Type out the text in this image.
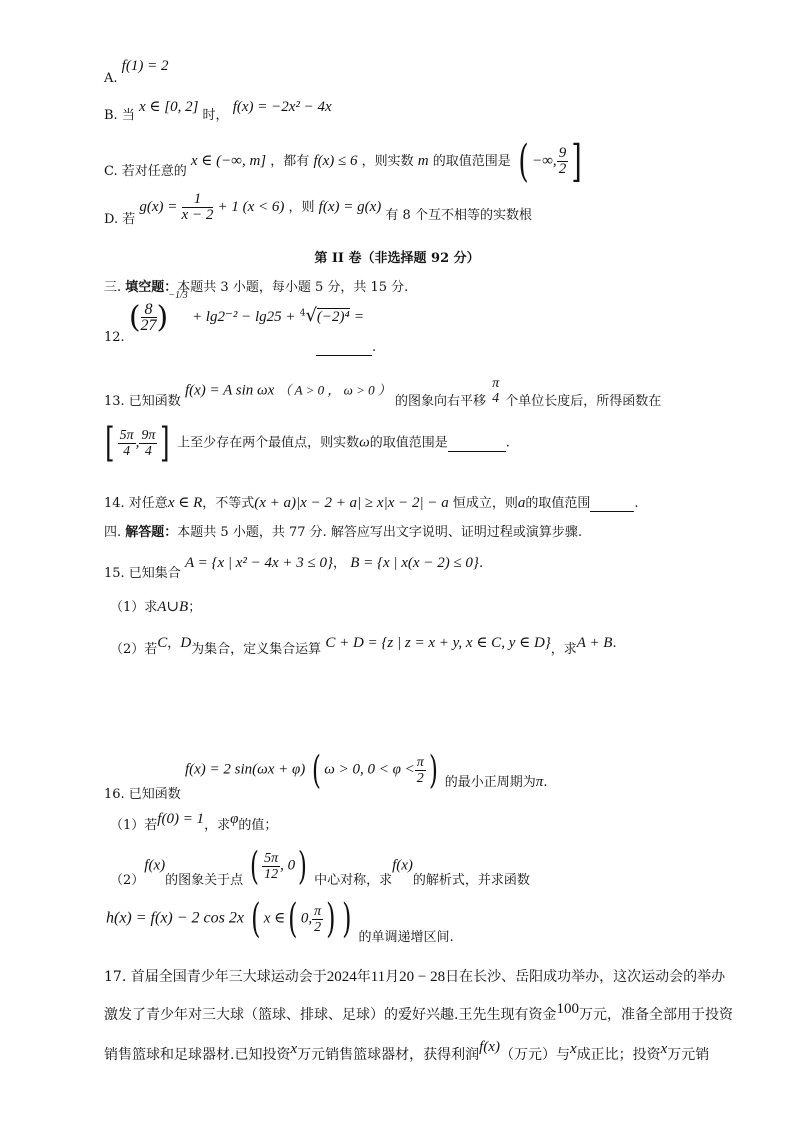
A. f(1) = 2
B. 当 x ∈ [0, 2] 时， f(x) = −2x² − 4x
C. 若对任意的 x ∈ (−∞, m] ，都有 f(x) ≤ 6 ，则实数 m 的取值范围是 ( −∞, $\frac{9}{2}$ ]
D. 若 $g(x) = \frac{1}{x - 2} + 1$ (x < 6) ，则 f(x) = g(x) 有 8 个互不相等的实数根
第 II 卷（非选择题 92 分）
三. 填空题：本题共 3 小题，每小题 5 分，共 15 分.
12. ( $\frac{8}{27} )^{-1/3} + \lg 2^{-2} - \lg 25 + ^4√(-2)^4$ =
.
13. 已知函数 f(x) = A sin ωx （ A > 0 ， ω > 0 ） 的图象向右平移
π
4 个单位长度后，所得函数在
[ $\frac{5\pi}{4}$ , $\frac{9\pi}{4}$ ] 上至少存在两个最值点，则实数ω的取值范围是	.
14. 对任意x ∈ R，不等式(x + a)|x − 2 + a| ≥ x|x − 2| − a 恒成立，则a的取值范围	.
四. 解答题：本题共 5 小题，共 77 分. 解答应写出文字说明、证明过程或演算步骤.
15. 已知集合 A = {x | x² − 4x + 3 ≤ 0}， B = {x | x(x − 2) ≤ 0}.
（1）求A∪B；
（2）若C，D为集合，定义集合运算 C + D = {z | z = x + y, x ∈ C, y ∈ D}，求A + B.
16. 已知函数 f(x) = 2 sin(ωx + φ) ( ω > 0, $0 < \varphi < \frac{\pi}{2}$ ) 的最小正周期为π.
（1）若f(0) = 1，求φ的值；
（2）f(x)的图象关于点 ( $\frac{5\pi}{12}$ , 0) 中心对称，求f(x)的解析式，并求函数
h(x) = f(x) − 2 cos 2x ( x ∈( 0, $\frac{\pi}{2}$ ) ) 的单调递增区间.
17. 首届全国青少年三大球运动会于2024年11月20 − 28日在长沙、岳阳成功举办，这次运动会的举办
激发了青少年对三大球（篮球、排球、足球）的爱好兴趣.王先生现有资金100万元，准备全部用于投资
销售篮球和足球器材.已知投资x万元销售篮球器材，获得利润f(x)（万元）与x成正比；投资x万元销
